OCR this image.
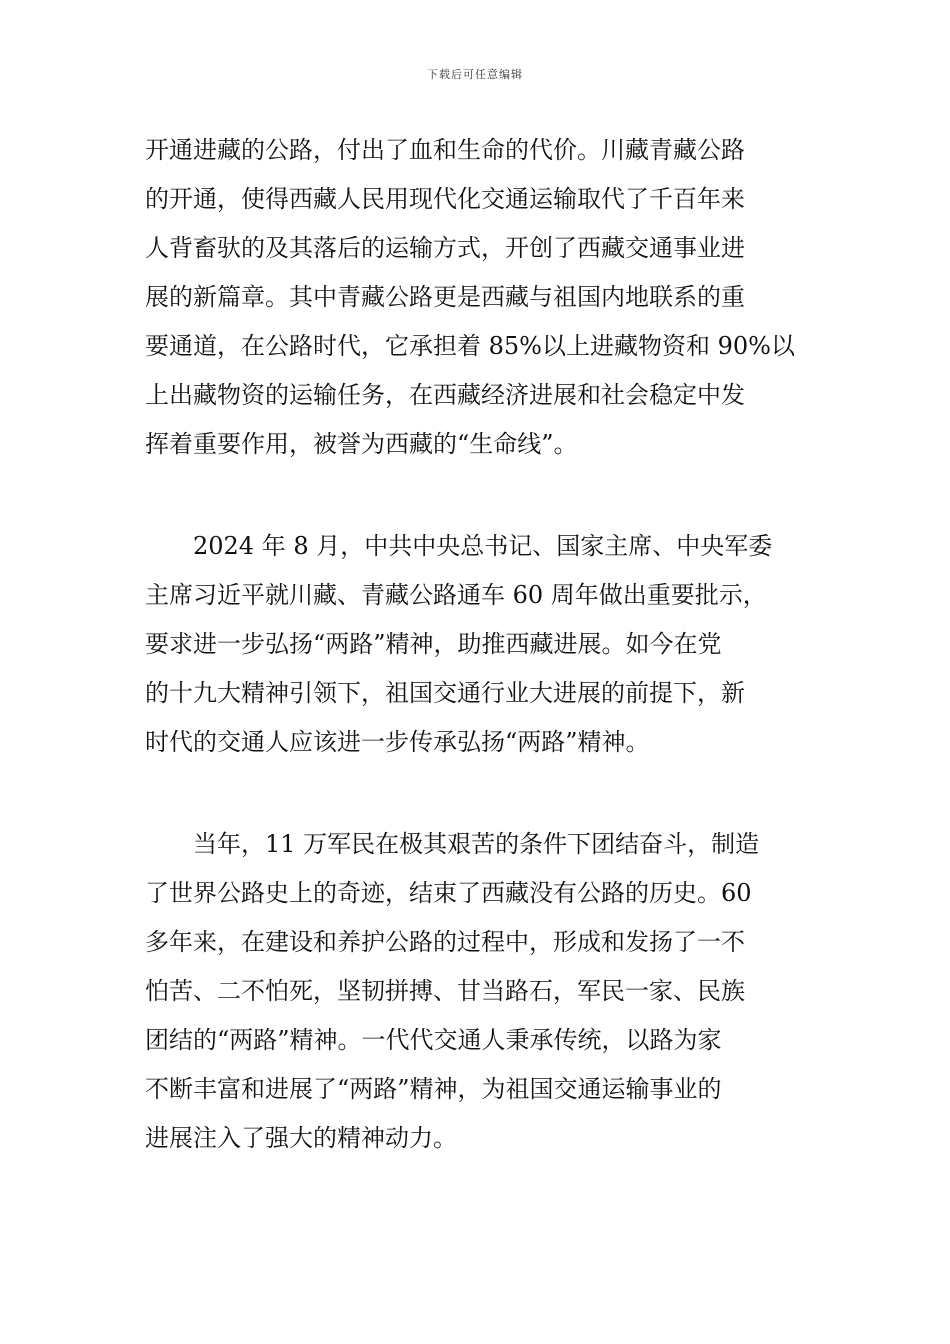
下载后可任意编辑
开通进藏的公路，付出了血和生命的代价。川藏青藏公路
的开通，使得西藏人民用现代化交通运输取代了千百年来
人背畜驮的及其落后的运输方式，开创了西藏交通事业进
展的新篇章。其中青藏公路更是西藏与祖国内地联系的重
要通道，在公路时代，它承担着 85%以上进藏物资和 90%以
上出藏物资的运输任务，在西藏经济进展和社会稳定中发
挥着重要作用，被誉为西藏的“生命线”。
2024 年 8 月，中共中央总书记、国家主席、中央军委
主席习近平就川藏、青藏公路通车 60 周年做出重要批示，
要求进一步弘扬“两路”精神，助推西藏进展。如今在党
的十九大精神引领下，祖国交通行业大进展的前提下，新
时代的交通人应该进一步传承弘扬“两路”精神。
当年，11 万军民在极其艰苦的条件下团结奋斗，制造
了世界公路史上的奇迹，结束了西藏没有公路的历史。60
多年来，在建设和养护公路的过程中，形成和发扬了一不
怕苦、二不怕死，坚韧拼搏、甘当路石，军民一家、民族
团结的“两路”精神。一代代交通人秉承传统，以路为家
不断丰富和进展了“两路”精神，为祖国交通运输事业的
进展注入了强大的精神动力。
